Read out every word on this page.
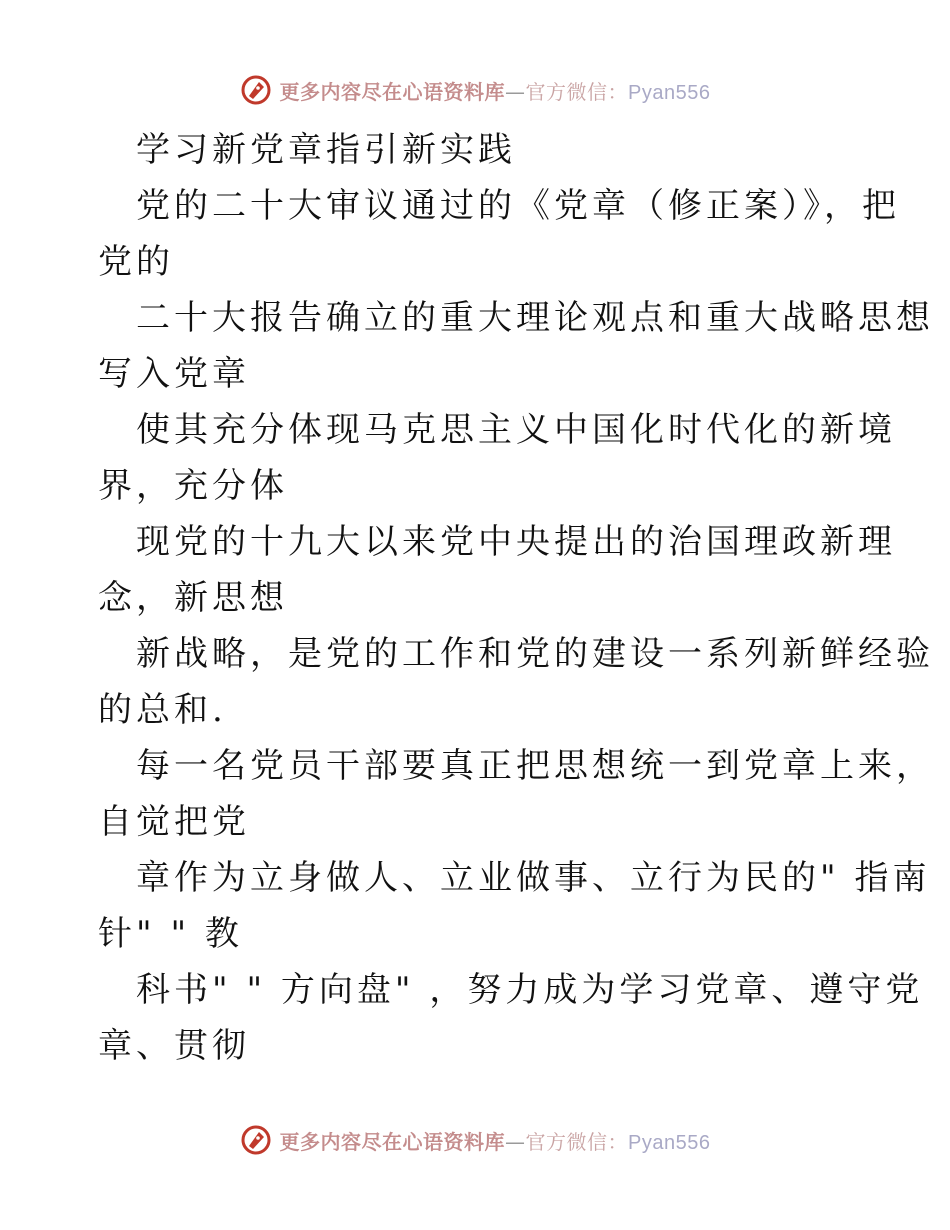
更多内容尽在心语资料库—官方微信：Pyan556
学习新党章指引新实践
党的二十大审议通过的《党章（修正案）》，把
党的
二十大报告确立的重大理论观点和重大战略思想
写入党章
使其充分体现马克思主义中国化时代化的新境
界，充分体
现党的十九大以来党中央提出的治国理政新理
念，新思想
新战略，是党的工作和党的建设一系列新鲜经验
的总和.
每一名党员干部要真正把思想统一到党章上来，
自觉把党
章作为立身做人、立业做事、立行为民的" 指南
针" " 教
科书" " 方向盘" ，努力成为学习党章、遵守党
章、贯彻
更多内容尽在心语资料库—官方微信：Pyan556
